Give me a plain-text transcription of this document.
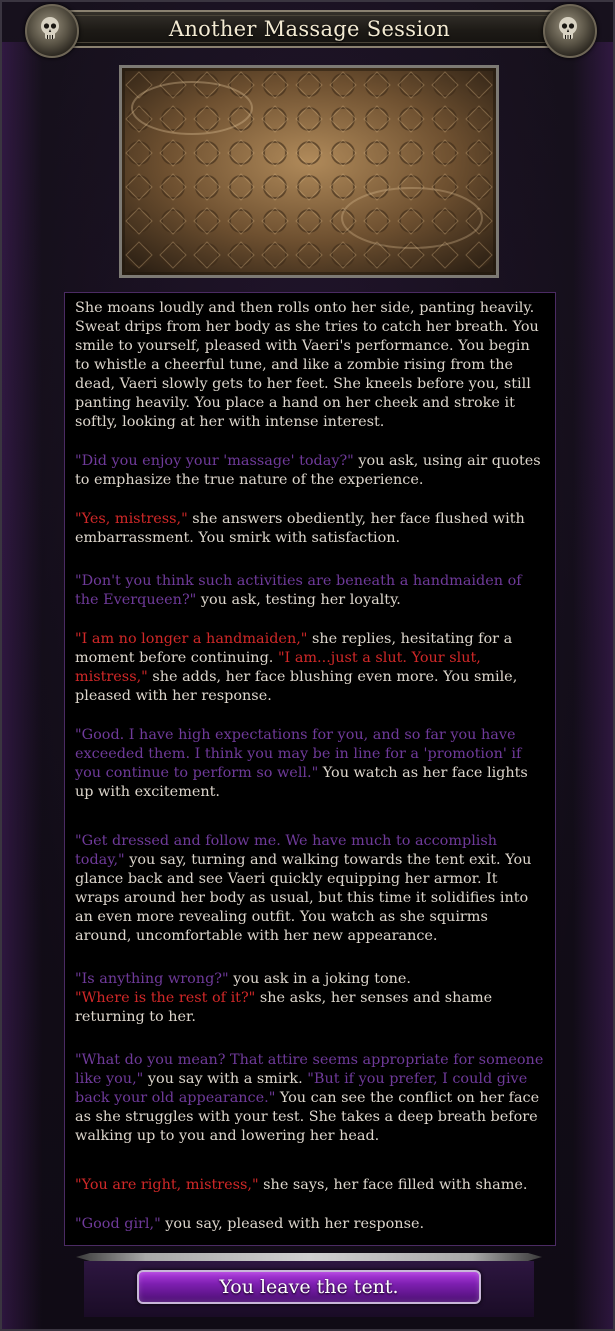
Another Massage Session

She moans loudly and then rolls onto her side, panting heavily. Sweat drips from her body as she tries to catch her breath. You smile to yourself, pleased with Vaeri's performance. You begin to whistle a cheerful tune, and like a zombie rising from the dead, Vaeri slowly gets to her feet. She kneels before you, still panting heavily. You place a hand on her cheek and stroke it softly, looking at her with intense interest.

"Did you enjoy your 'massage' today?" you ask, using air quotes to emphasize the true nature of the experience.

"Yes, mistress," she answers obediently, her face flushed with embarrassment. You smirk with satisfaction.

"Don't you think such activities are beneath a handmaiden of the Everqueen?" you ask, testing her loyalty.

"I am no longer a handmaiden," she replies, hesitating for a moment before continuing. "I am...just a slut. Your slut, mistress," she adds, her face blushing even more. You smile, pleased with her response.

"Good. I have high expectations for you, and so far you have exceeded them. I think you may be in line for a 'promotion' if you continue to perform so well." You watch as her face lights up with excitement.

"Get dressed and follow me. We have much to accomplish today," you say, turning and walking towards the tent exit. You glance back and see Vaeri quickly equipping her armor. It wraps around her body as usual, but this time it solidifies into an even more revealing outfit. You watch as she squirms around, uncomfortable with her new appearance.

"Is anything wrong?" you ask in a joking tone.

"Where is the rest of it?" she asks, her senses and shame returning to her.

"What do you mean? That attire seems appropriate for someone like you," you say with a smirk. "But if you prefer, I could give back your old appearance." You can see the conflict on her face as she struggles with your test. She takes a deep breath before walking up to you and lowering her head.

"You are right, mistress," she says, her face filled with shame.

"Good girl," you say, pleased with her response.

You leave the tent.
